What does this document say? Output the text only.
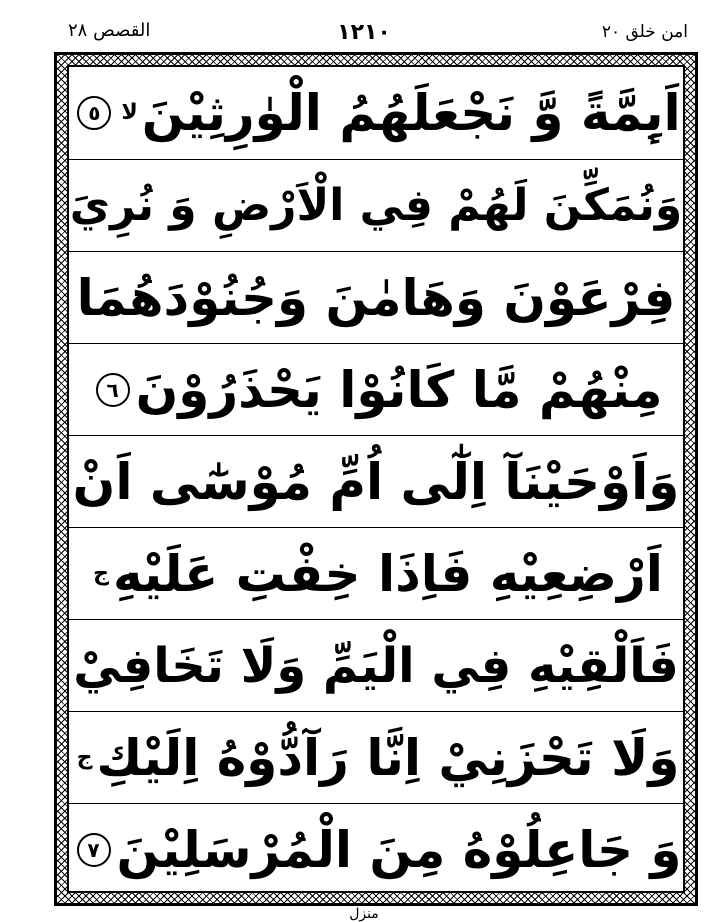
امن خلق ٢٠
١٢١٠
القصص ٢٨
اَىِٕمَّةً وَّ نَجْعَلَهُمُ الْوٰرِثِيْنَ
لا
٥
وَنُمَكِّنَ لَهُمْ فِي الْاَرْضِ وَ نُرِيَ
فِرْعَوْنَ وَهَامٰنَ وَجُنُوْدَهُمَا
مِنْهُمْ مَّا كَانُوْا يَحْذَرُوْنَ
٦
وَاَوْحَيْنَآ اِلٰٓى اُمِّ مُوْسٰٓى اَنْ
اَرْضِعِيْهِ فَاِذَا خِفْتِ عَلَيْهِ
ج
فَاَلْقِيْهِ فِي الْيَمِّ وَلَا تَخَافِيْ
وَلَا تَحْزَنِيْ اِنَّا رَآدُّوْهُ اِلَيْكِ
ج
وَ جَاعِلُوْهُ مِنَ الْمُرْسَلِيْنَ
٧
منزل
